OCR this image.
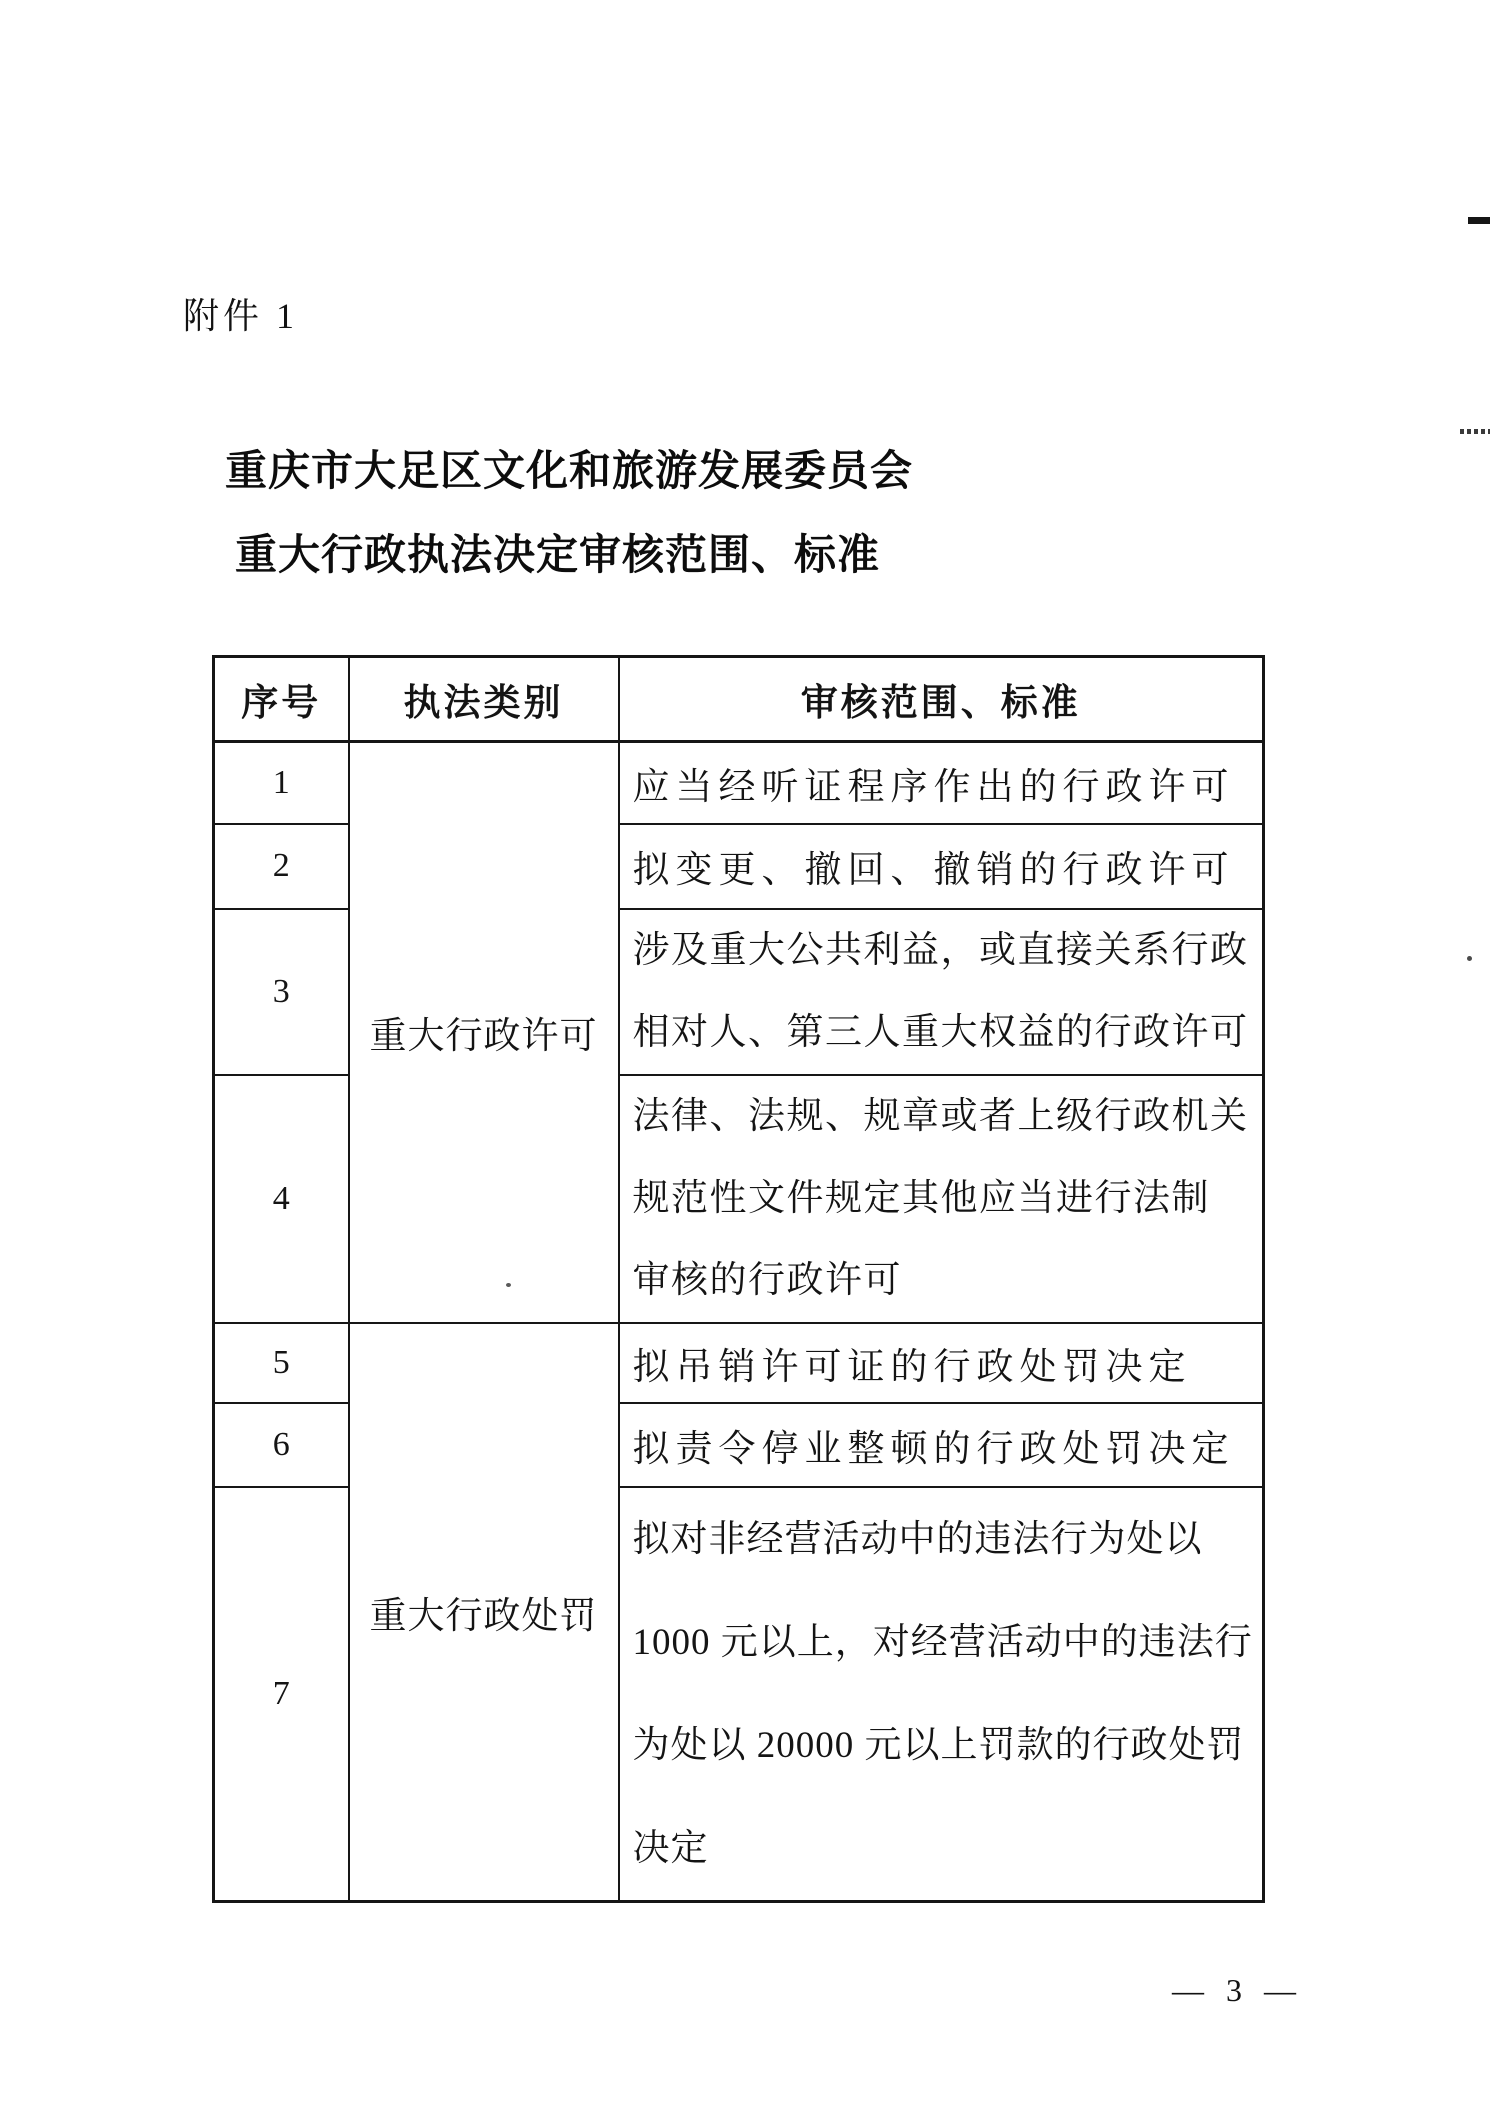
附件 1
重庆市大足区文化和旅游发展委员会
重大行政执法决定审核范围、标准
序号	执法类别	审核范围、标准
1	重大行政许可	应当经听证程序作出的行政许可

2		拟变更、撤回、撤销的行政许可

3		涉及重大公共利益，或直接关系行政
相对人、第三人重大权益的行政许可

4		法律、法规、规章或者上级行政机关
规范性文件规定其他应当进行法制
审核的行政许可

5	重大行政处罚	拟吊销许可证的行政处罚决定

6		拟责令停业整顿的行政处罚决定

7		拟对非经营活动中的违法行为处以
1000 元以上，对经营活动中的违法行
为处以 20000 元以上罚款的行政处罚
决定
— 3 —
